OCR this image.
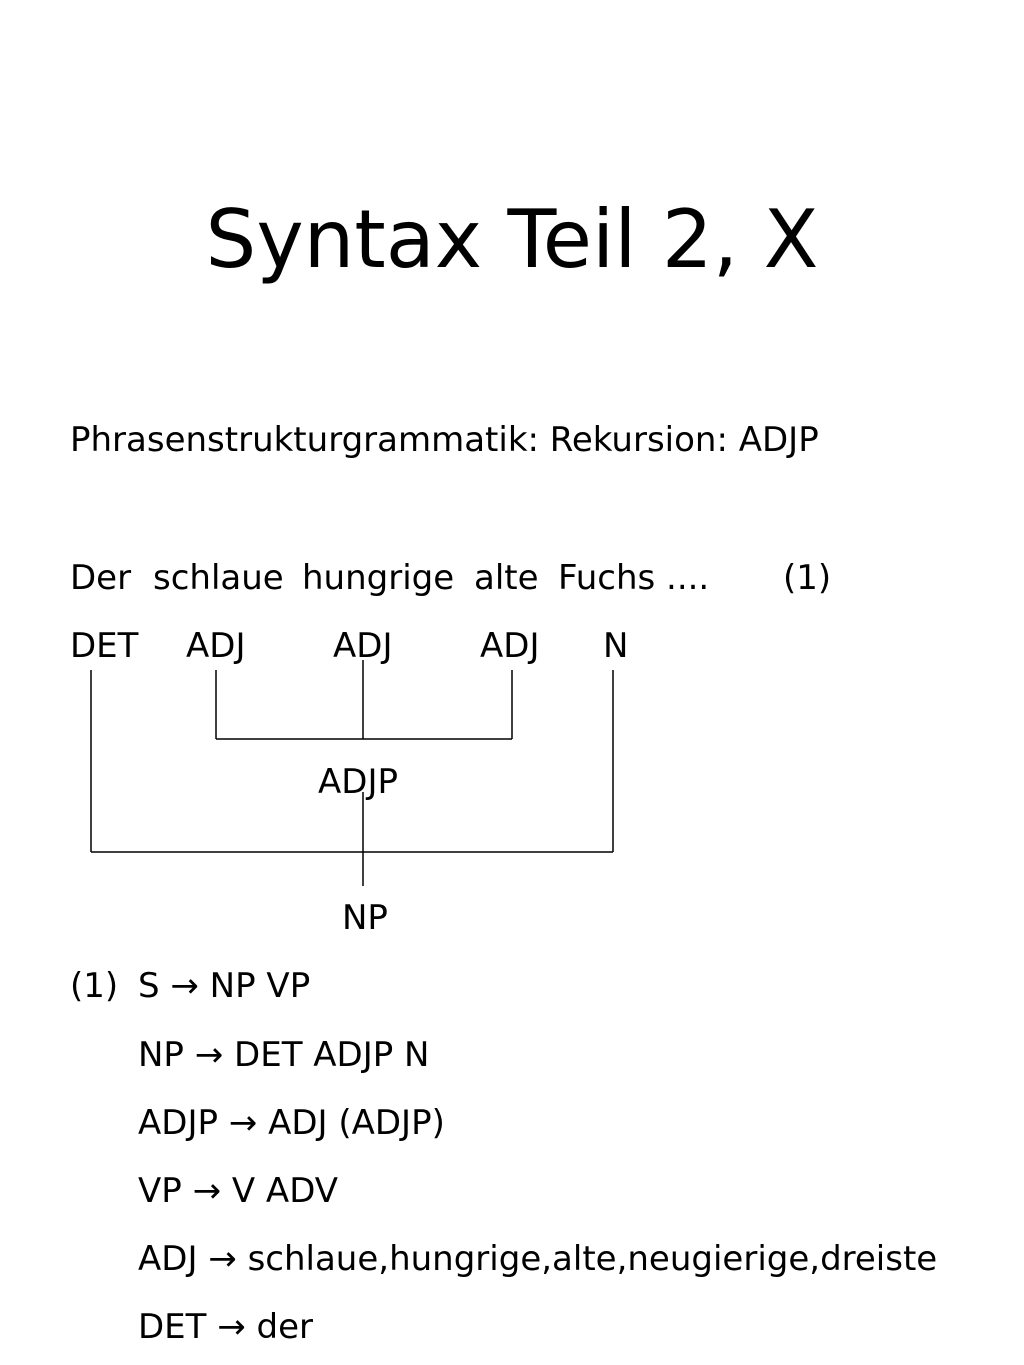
Syntax Teil 2, X
Phrasenstrukturgrammatik: Rekursion: ADJP
Der schlaue hungrige alte Fuchs .... (1)
DET ADJ	ADJ	ADJ N
ADJP
NP
(1) S → NP VP
NP → DET ADJP N
ADJP → ADJ (ADJP)
VP → V ADV
ADJ → schlaue,hungrige,alte,neugierige,dreiste
DET → der
